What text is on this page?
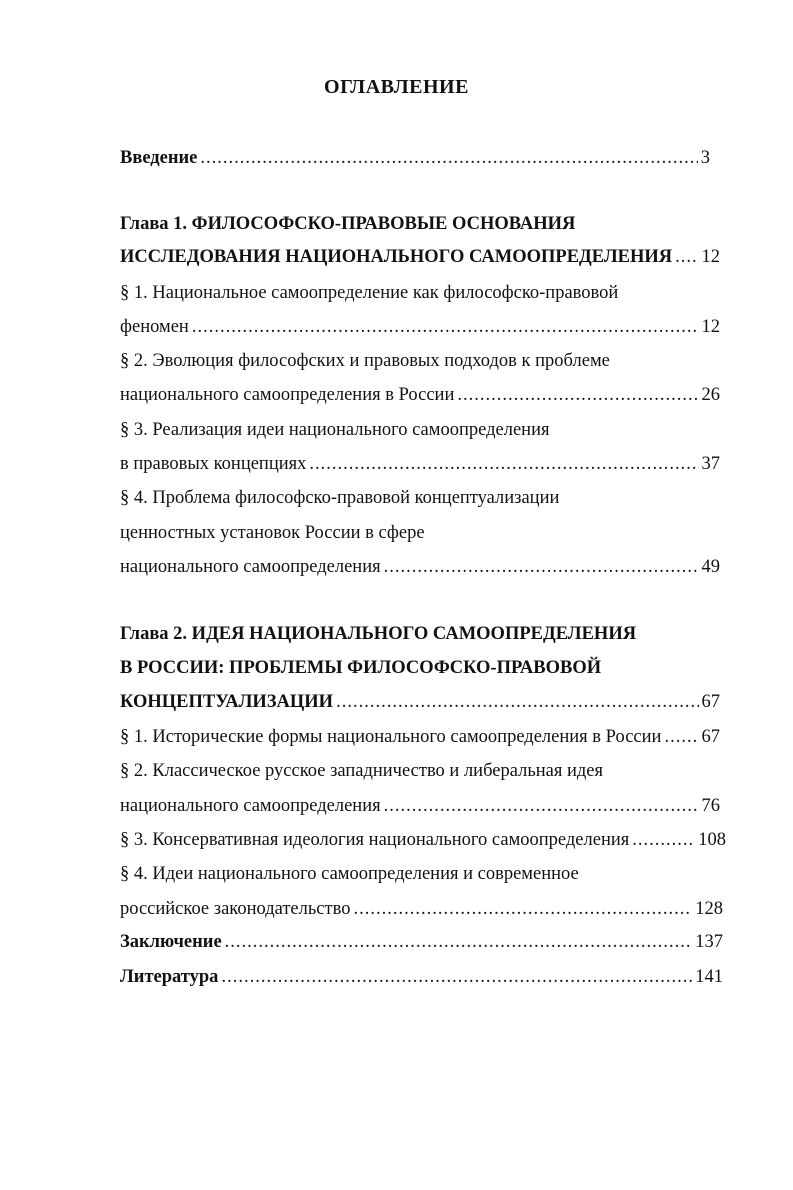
ОГЛАВЛЕНИЕ
Введение .....	3
Глава 1. ФИЛОСОФСКО-ПРАВОВЫЕ ОСНОВАНИЯ
ИССЛЕДОВАНИЯ НАЦИОНАЛЬНОГО САМООПРЕДЕЛЕНИЯ ..... 12
§ 1. Национальное самоопределение как философско-правовой
феномен .....	12
§ 2. Эволюция философских и правовых подходов к проблеме
национального самоопределения в России .....	26
§ 3. Реализация идеи национального самоопределения
в правовых концепциях .....	37
§ 4. Проблема философско-правовой концептуализации
ценностных установок России в сфере
национального самоопределения .....	49
Глава 2. ИДЕЯ НАЦИОНАЛЬНОГО САМООПРЕДЕЛЕНИЯ
В РОССИИ: ПРОБЛЕМЫ ФИЛОСОФСКО-ПРАВОВОЙ
КОНЦЕПТУАЛИЗАЦИИ .....	67
§ 1. Исторические формы национального самоопределения в России ..... 67
§ 2. Классическое русское западничество и либеральная идея
национального самоопределения .....	76
§ 3. Консервативная идеология национального самоопределения .....	108
§ 4. Идеи национального самоопределения и современное
российское законодательство .....	128
Заключение .....	137
Литература .....	141
